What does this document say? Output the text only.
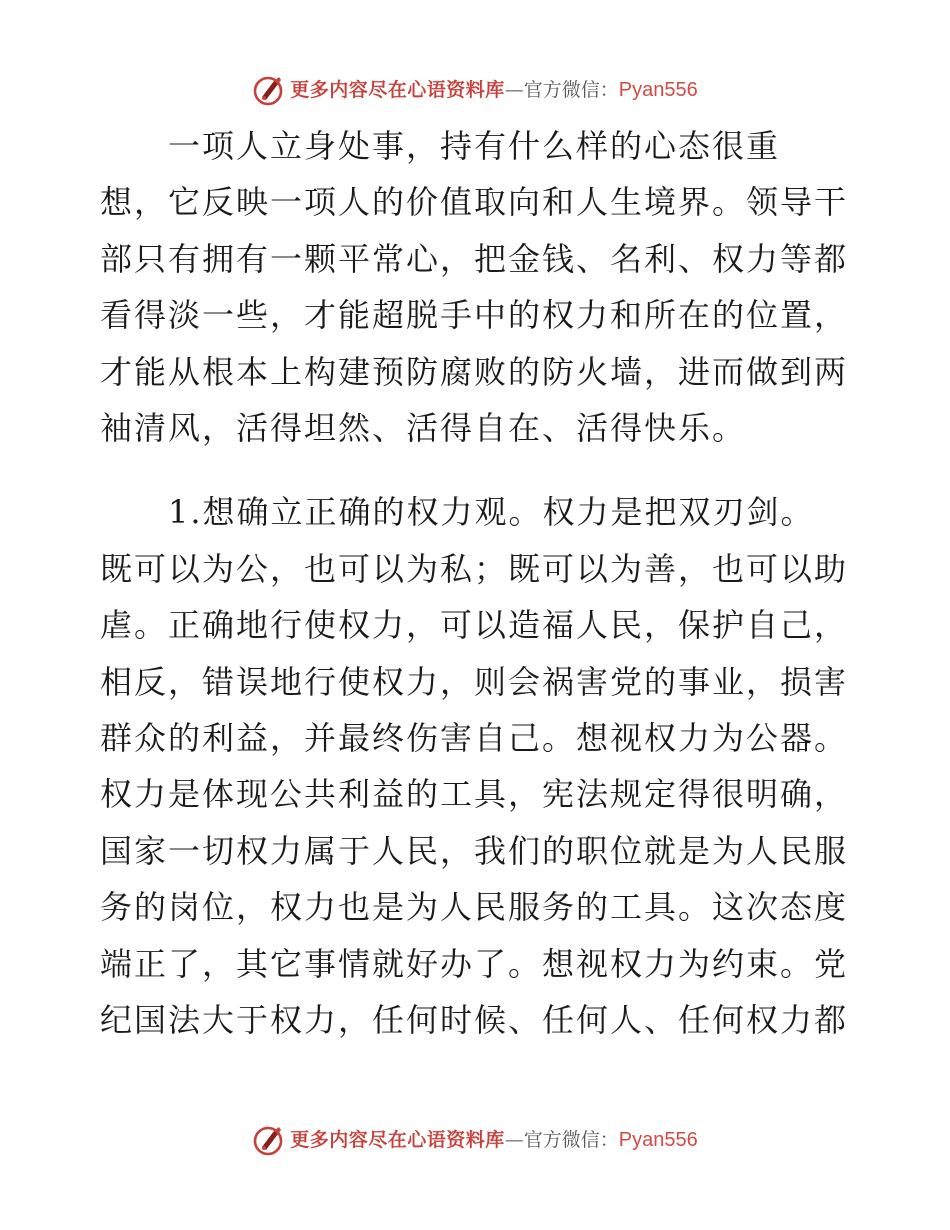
更多内容尽在心语资料库 — 官方微信： Pyan556
　　一项人立身处事，持有什么样的心态很重
想，它反映一项人的价值取向和人生境界。领导干
部只有拥有一颗平常心，把金钱、名利、权力等都
看得淡一些，才能超脱手中的权力和所在的位置，
才能从根本上构建预防腐败的防火墙，进而做到两
袖清风，活得坦然、活得自在、活得快乐。
　　1.想确立正确的权力观。权力是把双刃剑。
既可以为公，也可以为私；既可以为善，也可以助
虐。正确地行使权力，可以造福人民，保护自己，
相反，错误地行使权力，则会祸害党的事业，损害
群众的利益，并最终伤害自己。想视权力为公器。
权力是体现公共利益的工具，宪法规定得很明确，
国家一切权力属于人民，我们的职位就是为人民服
务的岗位，权力也是为人民服务的工具。这次态度
端正了，其它事情就好办了。想视权力为约束。党
纪国法大于权力，任何时候、任何人、任何权力都
更多内容尽在心语资料库 — 官方微信： Pyan556
